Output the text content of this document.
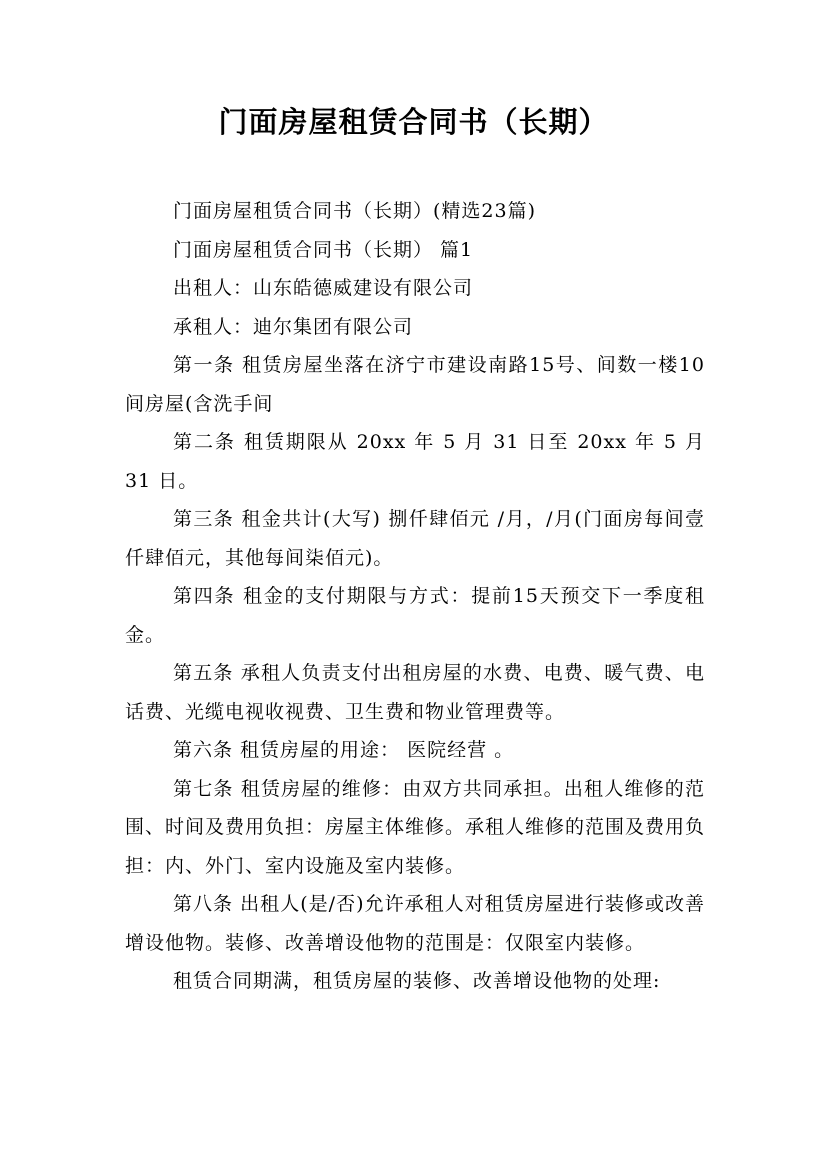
门面房屋租赁合同书（长期）

门面房屋租赁合同书（长期）(精选23篇)

门面房屋租赁合同书（长期） 篇1

出租人：山东皓德威建设有限公司

承租人：迪尔集团有限公司

第一条 租赁房屋坐落在济宁市建设南路15号、间数一楼10间房屋(含洗手间

第二条 租赁期限从 20xx 年 5 月 31 日至 20xx 年 5 月 31 日。

第三条 租金共计(大写) 捌仟肆佰元 /月，/月(门面房每间壹仟肆佰元，其他每间柒佰元)。

第四条 租金的支付期限与方式：提前15天预交下一季度租金。

第五条 承租人负责支付出租房屋的水费、电费、暖气费、电话费、光缆电视收视费、卫生费和物业管理费等。

第六条 租赁房屋的用途： 医院经营 。

第七条 租赁房屋的维修：由双方共同承担。出租人维修的范围、时间及费用负担：房屋主体维修。承租人维修的范围及费用负担：内、外门、室内设施及室内装修。

第八条 出租人(是/否)允许承租人对租赁房屋进行装修或改善增设他物。装修、改善增设他物的范围是：仅限室内装修。

租赁合同期满，租赁房屋的装修、改善增设他物的处理:
